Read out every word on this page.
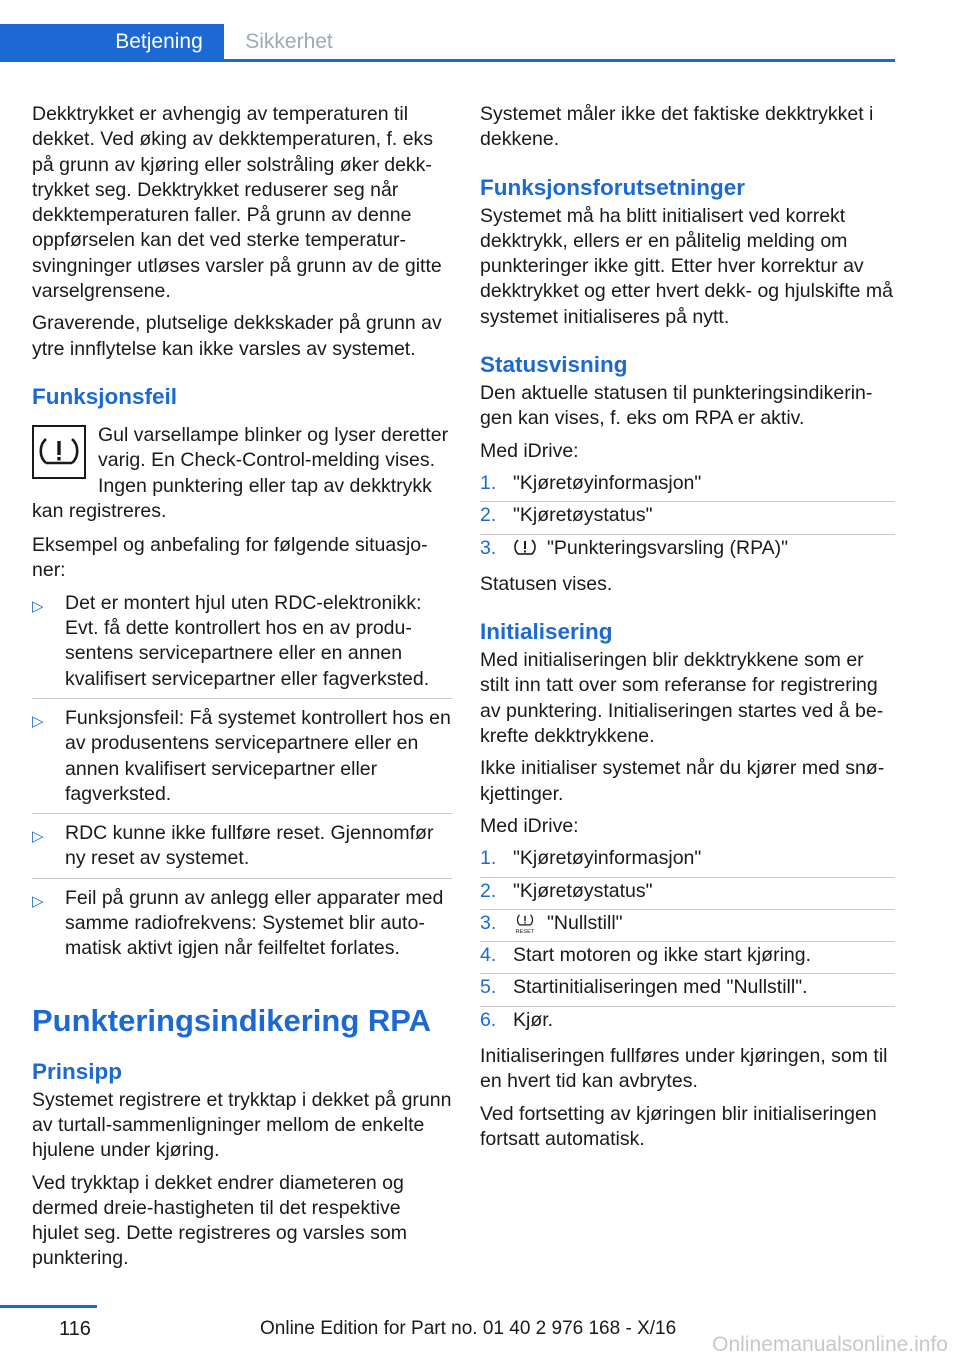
Betjening	Sikkerhet

Dekktrykket er avhengig av temperaturen til dekket. Ved øking av dekktemperaturen, f. eks på grunn av kjøring eller solstråling øker dekktrykket seg. Dekktrykket reduserer seg når dekktemperaturen faller. På grunn av denne oppførselen kan det ved sterke temperatursvingninger utløses varsler på grunn av de gitte varselgrensene.

Graverende, plutselige dekkskader på grunn av ytre innflytelse kan ikke varsles av systemet.

Funksjonsfeil
Gul varsellampe blinker og lyser deretter varig. En Check-Control-melding vises. Ingen punktering eller tap av dekktrykk kan registreres.

Eksempel og anbefaling for følgende situasjoner:

▷ Det er montert hjul uten RDC-elektronikk: Evt. få dette kontrollert hos en av produsentens servicepartnere eller en annen kvalifisert servicepartner eller fagverksted.
▷ Funksjonsfeil: Få systemet kontrollert hos en av produsentens servicepartnere eller en annen kvalifisert servicepartner eller fagverksted.
▷ RDC kunne ikke fullføre reset. Gjennomfør ny reset av systemet.
▷ Feil på grunn av anlegg eller apparater med samme radiofrekvens: Systemet blir automatisk aktivt igjen når feilfeltet forlates.
Punkteringsindikering RPA
Prinsipp

Systemet registrere et trykktap i dekket på grunn av turtall-sammenligninger mellom de enkelte hjulene under kjøring.

Ved trykktap i dekket endrer diameteren og dermed dreie-hastigheten til det respektive hjulet seg. Dette registreres og varsles som punktering.

Systemet måler ikke det faktiske dekktrykket i dekkene.

Funksjonsforutsetninger

Systemet må ha blitt initialisert ved korrekt dekktrykk, ellers er en pålitelig melding om punkteringer ikke gitt. Etter hver korrektur av dekktrykket og etter hvert dekk- og hjulskifte må systemet initialiseres på nytt.

Statusvisning

Den aktuelle statusen til punkteringsindikeringen kan vises, f. eks om RPA er aktiv.

Med iDrive:

1. "Kjøretøyinformasjon"
2. "Kjøretøystatus"
3.	"Punkteringsvarsling (RPA)"

Statusen vises.

Initialisering

Med initialiseringen blir dekktrykkene som er stilt inn tatt over som referanse for registrering av punktering. Initialiseringen startes ved å bekrefte dekktrykkene.

Ikke initialiser systemet når du kjører med snøkjettinger.

Med iDrive:

1. "Kjøretøyinformasjon"
2. "Kjøretøystatus"
3.	RESET "Nullstill"
4. Start motoren og ikke start kjøring.
5. Startinitialiseringen med "Nullstill".
6. Kjør.

Initialiseringen fullføres under kjøringen, som til en hvert tid kan avbrytes.

Ved fortsetting av kjøringen blir initialiseringen fortsatt automatisk.

116	Online Edition for Part no. 01 40 2 976 168 - X/16
Onlinemanualsonline.info
